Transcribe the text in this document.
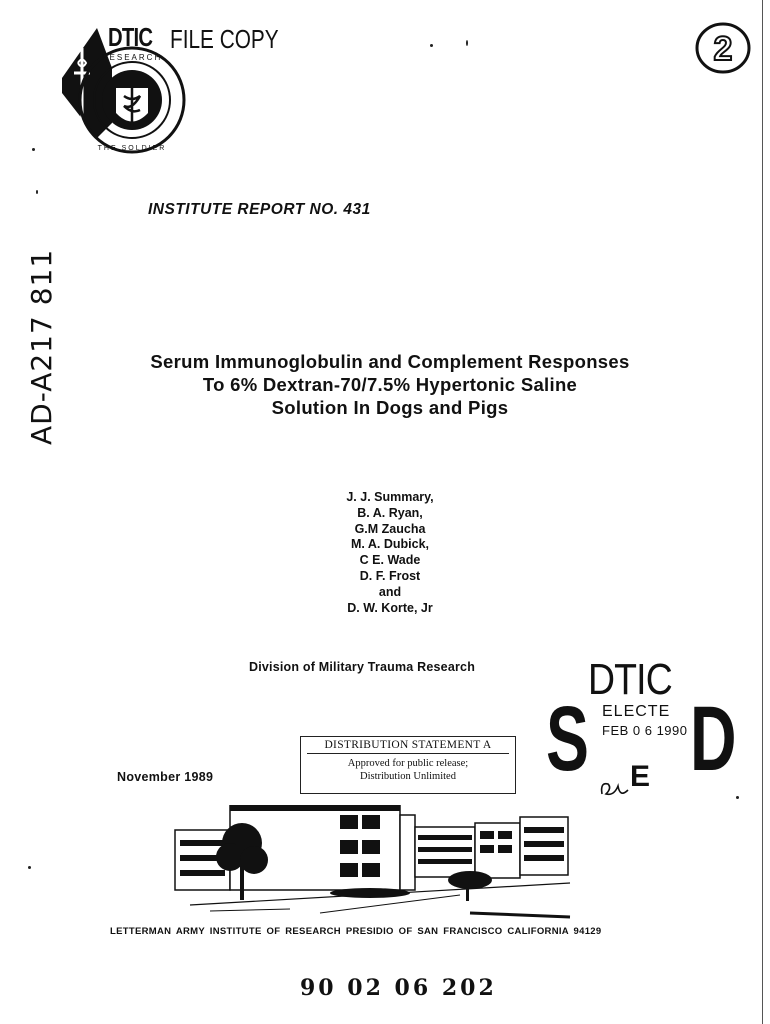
RESEARCH
THE SOLDIER
DTIC FILE COPY	2
AD-A217 811
INSTITUTE REPORT NO. 431
Serum Immunoglobulin and Complement Responses
To 6% Dextran-70/7.5% Hypertonic Saline
Solution In Dogs and Pigs
J. J. Summary,
B. A. Ryan,
G.M Zaucha
M. A. Dubick,
C E. Wade
D. F. Frost
and
D. W. Korte, Jr
Division of Military Trauma Research
November 1989
DISTRIBUTION STATEMENT A
Approved for public release;
Distribution Unlimited
DTIC
S ELECTE
FEB 0 6 1990 D
E
LETTERMAN ARMY INSTITUTE OF RESEARCH PRESIDIO OF SAN FRANCISCO CALIFORNIA 94129
90 02 06 202
